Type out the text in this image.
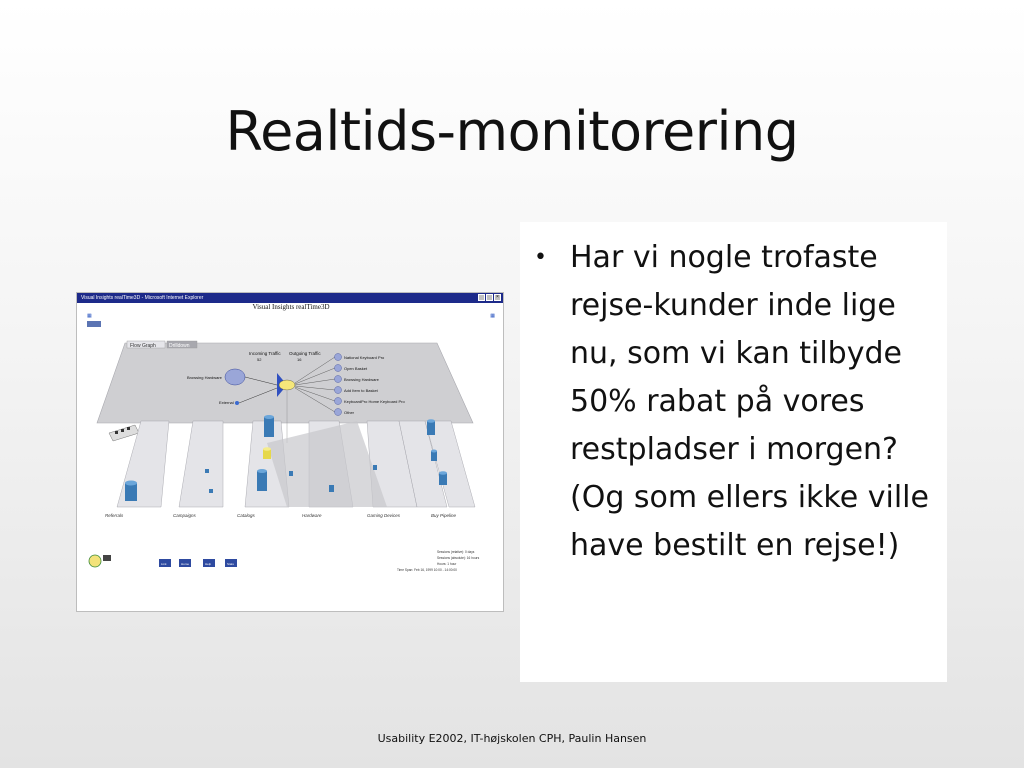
Realtids-monitorering
Visual Insights realTime3D - Microsoft Internet Explorer	×
Visual Insights realTime3D
▦	▦
Flow Graph	Drilldown
Incoming Traffic Outgoing Traffic
52	16
Browsing Hardware
External
National Keyboard Pro
Open Basket
Browsing Hardware
Add Item to Basket
KeyboardPro Home Keyboard Pro
Other
Referrals	Campaigns	Catalogs	Hardware	Gaming Devices	Buy Pipeline
Link	Home	Help	Stats
Sessions (relative): 0 days
Sessions (absolute): 16 hours
Hours: 1 hour
Time Span: Feb 16, 1999 10:00 - 14:00:00
• Har vi nogle trofaste rejse-kunder inde lige nu, som vi kan tilbyde 50% rabat på vores restpladser i morgen? (Og som ellers ikke ville have bestilt en rejse!)
Usability E2002, IT-højskolen CPH, Paulin Hansen
